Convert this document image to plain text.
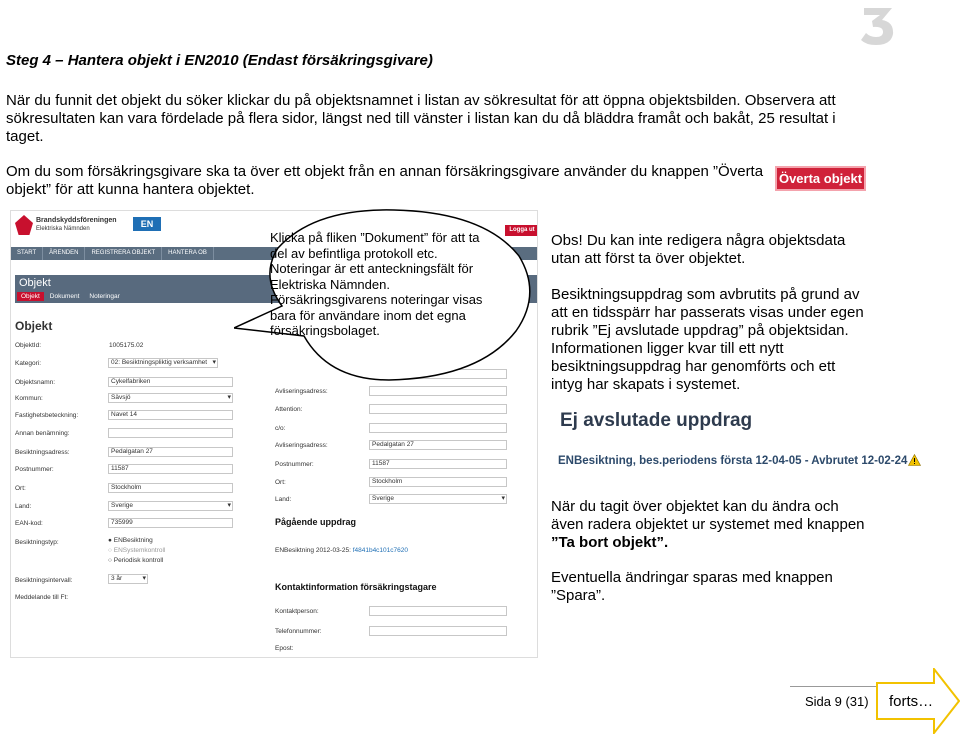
Steg 4 – Hantera objekt i EN2010 (Endast försäkringsgivare)
När du funnit det objekt du söker klickar du på objektsnamnet i listan av sökresultat för att öppna objektsbilden. Observera att sökresultaten kan vara fördelade på flera sidor, längst ned till vänster i listan kan du då bläddra framåt och bakåt, 25 resultat i taget.
Om du som försäkringsgivare ska ta över ett objekt från en annan försäkringsgivare använder du knappen ”Överta objekt” för att kunna hantera objektet.
Överta objekt
Brandskyddsföreningen
Elektriska Nämnden	EN
Logga ut
START	ÄRENDEN	REGISTRERA OBJEKT	HANTERA OB
Objekt
Objekt	Dokument	Noteringar
Objekt
ObjektId:	1005175.02
Kategori:	02: Besiktningspliktig verksamhet ▾
Objektsnamn:	Cykelfabriken
Kommun:	Sävsjö ▾
Fastighetsbeteckning:	Navet 14
Annan benämning:
Besiktningsadress:	Pedalgatan 27
Postnummer:	11587
Ort:	Stockholm
Land:	Sverige ▾
EAN-kod:	735999
Besiktningstyp:	● ENBesiktning
○ ENSystemkontroll
○ Periodisk kontroll
Besiktningsintervall:	3 år ▾
Meddelande till Ft:
Avliseringsadress:
Attention:
c/o:
Avliseringsadress:	Pedalgatan 27
Postnummer:	11587
Ort:	Stockholm
Land:	Sverige ▾
Pågående uppdrag
ENBesiktning 2012-03-25: f4841b4c101c7620
Kontaktinformation försäkringstagare
Kontaktperson:
Telefonnummer:
Epost:
Klicka på fliken ”Dokument” för att ta del av befintliga protokoll etc. Noteringar är ett anteckningsfält för Elektriska Nämnden. Försäkringsgivarens noteringar visas bara för användare inom det egna försäkringsbolaget.
Obs! Du kan inte redigera några objektsdata utan att först ta över objektet.
Besiktningsuppdrag som avbrutits på grund av att en tidsspärr har passerats visas under egen rubrik ”Ej avslutade uppdrag” på objektsidan. Informationen ligger kvar till ett nytt besiktningsuppdrag har genomförts och ett intyg har skapats i systemet.
Ej avslutade uppdrag
ENBesiktning, bes.periodens första 12-04-05 - Avbrutet 12-02-24
När du tagit över objektet kan du ändra och även radera objektet ur systemet med knappen ”Ta bort objekt”.
Eventuella ändringar sparas med knappen ”Spara”.
Sida 9 (31) forts…
